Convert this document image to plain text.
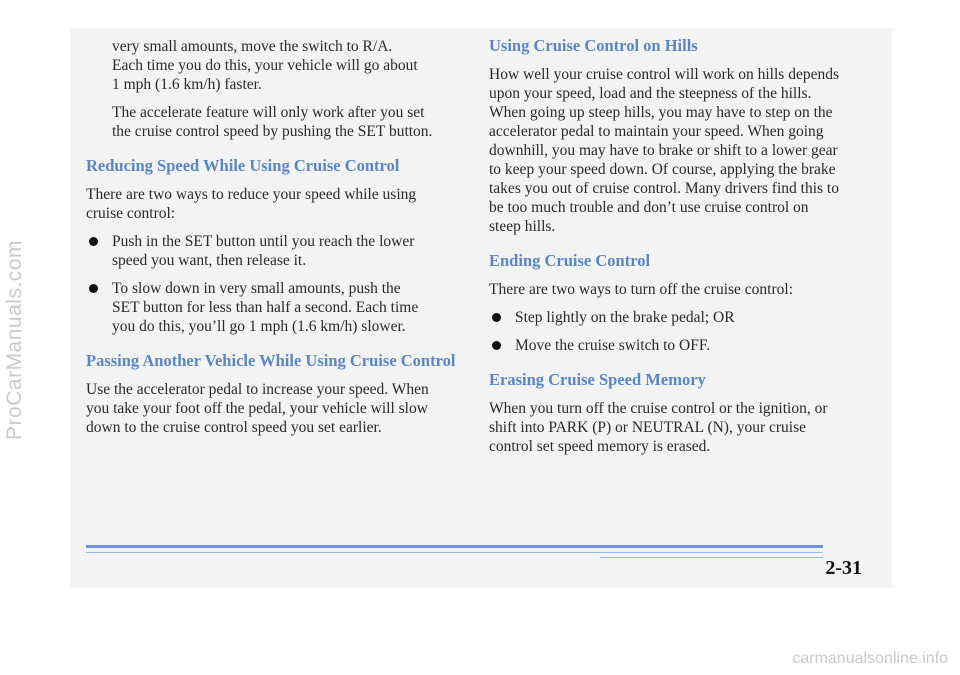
very small amounts, move the switch to R/A.

Each time you do this, your vehicle will go about

1 mph (1.6 km/h) faster.

The accelerate feature will only work after you set

the cruise control speed by pushing the SET button.

Reducing Speed While Using Cruise Control

There are two ways to reduce your speed while using

cruise control:

Push in the SET button until you reach the lower

speed you want, then release it.

To slow down in very small amounts, push the

SET button for less than half a second. Each time

you do this, you’ll go 1 mph (1.6 km/h) slower.

Passing Another Vehicle While Using Cruise Control

Use the accelerator pedal to increase your speed. When

you take your foot off the pedal, your vehicle will slow

down to the cruise control speed you set earlier.

Using Cruise Control on Hills

How well your cruise control will work on hills depends

upon your speed, load and the steepness of the hills.

When going up steep hills, you may have to step on the

accelerator pedal to maintain your speed. When going

downhill, you may have to brake or shift to a lower gear

to keep your speed down. Of course, applying the brake

takes you out of cruise control. Many drivers find this to

be too much trouble and don’t use cruise control on

steep hills.

Ending Cruise Control

There are two ways to turn off the cruise control:

Step lightly on the brake pedal; OR

Move the cruise switch to OFF.

Erasing Cruise Speed Memory

When you turn off the cruise control or the ignition, or

shift into PARK (P) or NEUTRAL (N), your cruise

control set speed memory is erased.

2-31
ProCarManuals.com
carmanualsonline.info
